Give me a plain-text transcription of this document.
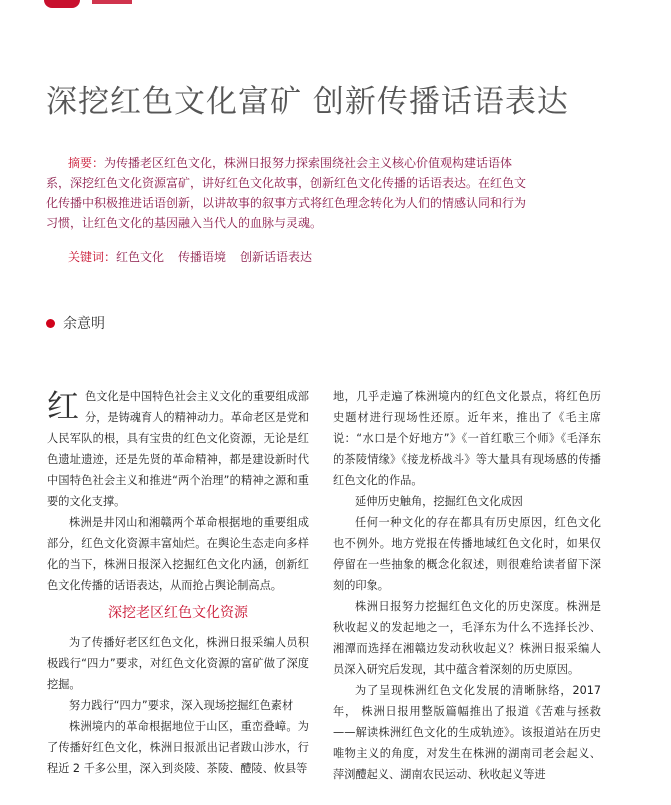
深挖红色文化富矿 创新传播话语表达
摘要：为传播老区红色文化，株洲日报努力探索围绕社会主义核心价值观构建话语体系，深挖红色文化资源富矿，讲好红色文化故事，创新红色文化传播的话语表达。在红色文化传播中积极推进话语创新，以讲故事的叙事方式将红色理念转化为人们的情感认同和行为习惯，让红色文化的基因融入当代人的血脉与灵魂。
关键词：红色文化 传播语境 创新话语表达
余意明

红色文化是中国特色社会主义文化的重要组成部分，是铸魂育人的精神动力。革命老区是党和人民军队的根，具有宝贵的红色文化资源，无论是红色遗址遗迹，还是先贤的革命精神，都是建设新时代中国特色社会主义和推进“两个治理”的精神之源和重要的文化支撑。

株洲是井冈山和湘赣两个革命根据地的重要组成部分，红色文化资源丰富灿烂。在舆论生态走向多样化的当下，株洲日报深入挖掘红色文化内涵，创新红色文化传播的话语表达，从而抢占舆论制高点。

深挖老区红色文化资源

为了传播好老区红色文化，株洲日报采编人员积极践行“四力”要求，对红色文化资源的富矿做了深度挖掘。

努力践行“四力”要求，深入现场挖掘红色素材

株洲境内的革命根据地位于山区，重峦叠嶂。为了传播好红色文化，株洲日报派出记者跋山涉水，行程近 2 千多公里，深入到炎陵、茶陵、醴陵、攸县等

地，几乎走遍了株洲境内的红色文化景点，将红色历史题材进行现场性还原。近年来，推出了《毛主席说：“水口是个好地方”》《一首红歌三个师》《毛泽东的茶陵情缘》《接龙桥战斗》等大量具有现场感的传播红色文化的作品。

延伸历史触角，挖掘红色文化成因

任何一种文化的存在都具有历史原因，红色文化也不例外。地方党报在传播地域红色文化时，如果仅停留在一些抽象的概念化叙述，则很难给读者留下深刻的印象。

株洲日报努力挖掘红色文化的历史深度。株洲是秋收起义的发起地之一，毛泽东为什么不选择长沙、湘潭而选择在湘赣边发动秋收起义？株洲日报采编人员深入研究后发现，其中蕴含着深刻的历史原因。

为了呈现株洲红色文化发展的清晰脉络，2017 年， 株洲日报用整版篇幅推出了报道《苦难与拯救——解读株洲红色文化的生成轨迹》。该报道站在历史唯物主义的角度，对发生在株洲的湖南司老会起义、萍浏醴起义、湖南农民运动、秋收起义等进
